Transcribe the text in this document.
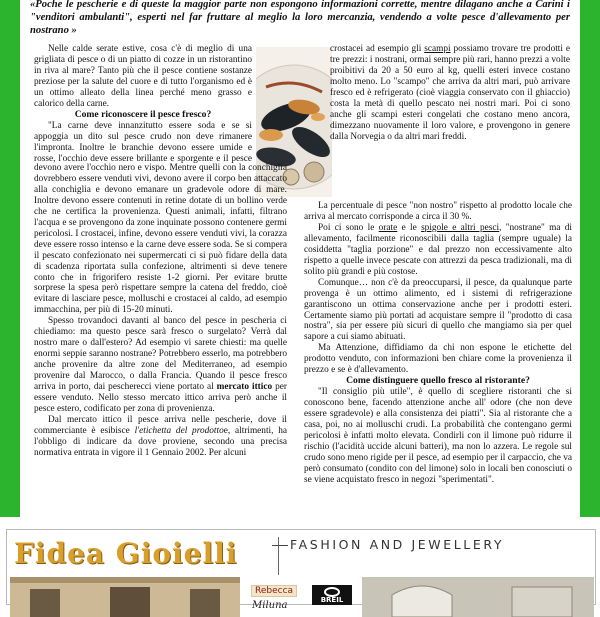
«Poche le pescherie e di queste la maggior parte non espongono informazioni corrette, mentre dilagano anche a Carini i "venditori ambulanti", esperti nel far fruttare al meglio la loro mercanzia, vendendo a volte pesce d'allevamento per nostrano »

Nelle calde serate estive, cosa c'è di meglio di una grigliata di pesce o di un piatto di cozze in un ristorantino in riva al mare? Tanto più che il pesce contiene sostanze preziose per la salute del cuore e di tutto l'organismo ed è un ottimo alleato della linea perché meno grasso e calorico della carne.

Come riconoscere il pesce fresco?

"La carne deve innanzitutto essere soda e se si appoggia un dito sul pesce crudo non deve rimanere l'impronta. Inoltre le branchie devono essere umide e rosse, l'occhio deve essere brillante e sporgente e il pesce

devono avere l'occhio nero e vispo. Mentre quelli con la conchiglia dovrebbero essere venduti vivi, devono avere il corpo ben attaccato alla conchiglia e devono emanare un gradevole odore di mare. Inoltre devono essere contenuti in retine dotate di un bollino verde che ne certifica la provenienza. Questi animali, infatti, filtrano l'acqua e se provengono da zone inquinate possono contenere germi pericolosi. I crostacei, infine, devono essere venduti vivi, la corazza deve essere rosso intenso e la carne deve essere soda. Se si compera il pescato confezionato nei supermercati ci si può fidare della data di scadenza riportata sulla confezione, altrimenti si deve tenere conto che in frigorifero resiste 1-2 giorni. Per evitare brutte sorprese la spesa però rispettare sempre la catena del freddo, cioè evitare di lasciare pesce, molluschi e crostacei al caldo, ad esempio immacchina, per più di 15-20 minuti.

Spesso trovandoci davanti al banco del pesce in pescheria ci chiediamo: ma questo pesce sarà fresco o surgelato? Verrà dal nostro mare o dall'estero? Ad esempio vi sarete chiesti: ma quelle enormi seppie saranno nostrane? Potrebbero esserlo, ma potrebbero anche provenire da altre zone del Mediterraneo, ad esempio provenire dal Marocco, o dalla Francia. Quando il pesce fresco arriva in porto, dai pescherecci viene portato al mercato ittico per essere venduto. Nello stesso mercato ittico arriva però anche il pesce estero, codificato per zona di provenienza.

Dal mercato ittico il pesce arriva nelle pescherie, dove il commerciante è esibisce l'etichetta del prodottoe, altrimenti, ha l'obbligo di indicare da dove proviene, secondo una precisa normativa entrata in vigore il 1 Gennaio 2002. Per alcuni

crostacei ad esempio gli scampi possiamo trovare tre prodotti e tre prezzi: i nostrani, ormai sempre più rari, hanno prezzi a volte proibitivi da 20 a 50 euro al kg, quelli esteri invece costano molto meno. Lo "scampo" che arriva da altri mari, può arrivare fresco ed è refrigerato (cioè viaggia conservato con il ghiaccio) costa la metà di quello pescato nei nostri mari. Poi ci sono anche gli scampi esteri congelati che costano meno ancora, dimezzano nuovamente il loro valore, e provengono in genere dalla Norvegia o da altri mari freddi.

La percentuale di pesce "non nostro" rispetto al prodotto locale che arriva al mercato corrisponde a circa il 30 %.

Poi ci sono le orate e le spigole e altri pesci, "nostrane" ma di allevamento, facilmente riconoscibili dalla taglia (sempre uguale) la cosiddetta "taglia porzione" e dal prezzo non eccessivamente alto rispetto a quelle invece pescate con attrezzi da pesca tradizionali, ma di solito più grandi e più costose.

Comunque… non c'è da preoccuparsi, il pesce, da qualunque parte provenga è un ottimo alimento, ed i sistemi di refrigerazione garantiscono un ottima conservazione anche per i prodotti esteri. Certamente siamo più portati ad acquistare sempre il "prodotto di casa nostra", sia per essere più sicuri di quello che mangiamo sia per quel sapore a cui siamo abituati.

Ma Attenzione, diffidiamo da chi non espone le etichette del prodotto venduto, con informazioni ben chiare come la provenienza il prezzo e se è d'allevamento.

Come distinguere quello fresco al ristorante?

"Il consiglio più utile", è quello di scegliere ristoranti che si conoscono bene, facendo attenzione anche all' odore (che non deve essere sgradevole) e alla consistenza dei piatti". Sia al ristorante che a casa, poi, no ai molluschi crudi. La probabilità che contengano germi pericolosi è infatti molto elevata. Condirli con il limone può ridurre il rischio (l'acidità uccide alcuni batteri), ma non lo azzera. Le regole sul crudo sono meno rigide per il pesce, ad esempio per il carpaccio, che va però consumato (condito con del limone) solo in locali ben conosciuti o se viene acquistato fresco in negozi "sperimentati".

Fidea Gioielli	FASHION AND JEWELLERY
Rebecca
BREIL
Miluna
